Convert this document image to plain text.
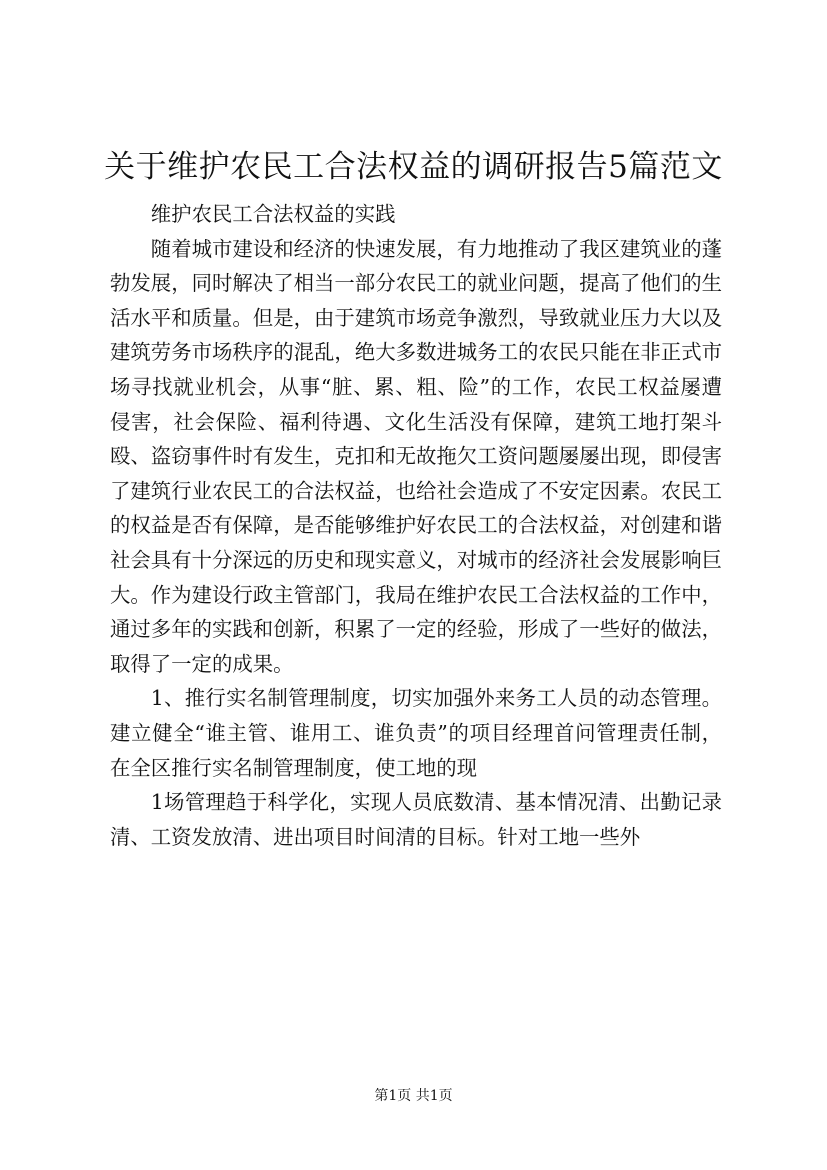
关于维护农民工合法权益的调研报告5篇范文

维护农民工合法权益的实践

随着城市建设和经济的快速发展，有力地推动了我区建筑业的蓬勃发展，同时解决了相当一部分农民工的就业问题，提高了他们的生活水平和质量。但是，由于建筑市场竞争激烈，导致就业压力大以及建筑劳务市场秩序的混乱，绝大多数进城务工的农民只能在非正式市场寻找就业机会，从事“脏、累、粗、险”的工作，农民工权益屡遭侵害，社会保险、福利待遇、文化生活没有保障，建筑工地打架斗殴、盗窃事件时有发生，克扣和无故拖欠工资问题屡屡出现，即侵害了建筑行业农民工的合法权益，也给社会造成了不安定因素。农民工的权益是否有保障，是否能够维护好农民工的合法权益，对创建和谐社会具有十分深远的历史和现实意义，对城市的经济社会发展影响巨大。作为建设行政主管部门，我局在维护农民工合法权益的工作中，通过多年的实践和创新，积累了一定的经验，形成了一些好的做法，取得了一定的成果。

1、推行实名制管理制度，切实加强外来务工人员的动态管理。建立健全“谁主管、谁用工、谁负责”的项目经理首问管理责任制，在全区推行实名制管理制度，使工地的现

1场管理趋于科学化，实现人员底数清、基本情况清、出勤记录清、工资发放清、进出项目时间清的目标。针对工地一些外

第1页 共1页
